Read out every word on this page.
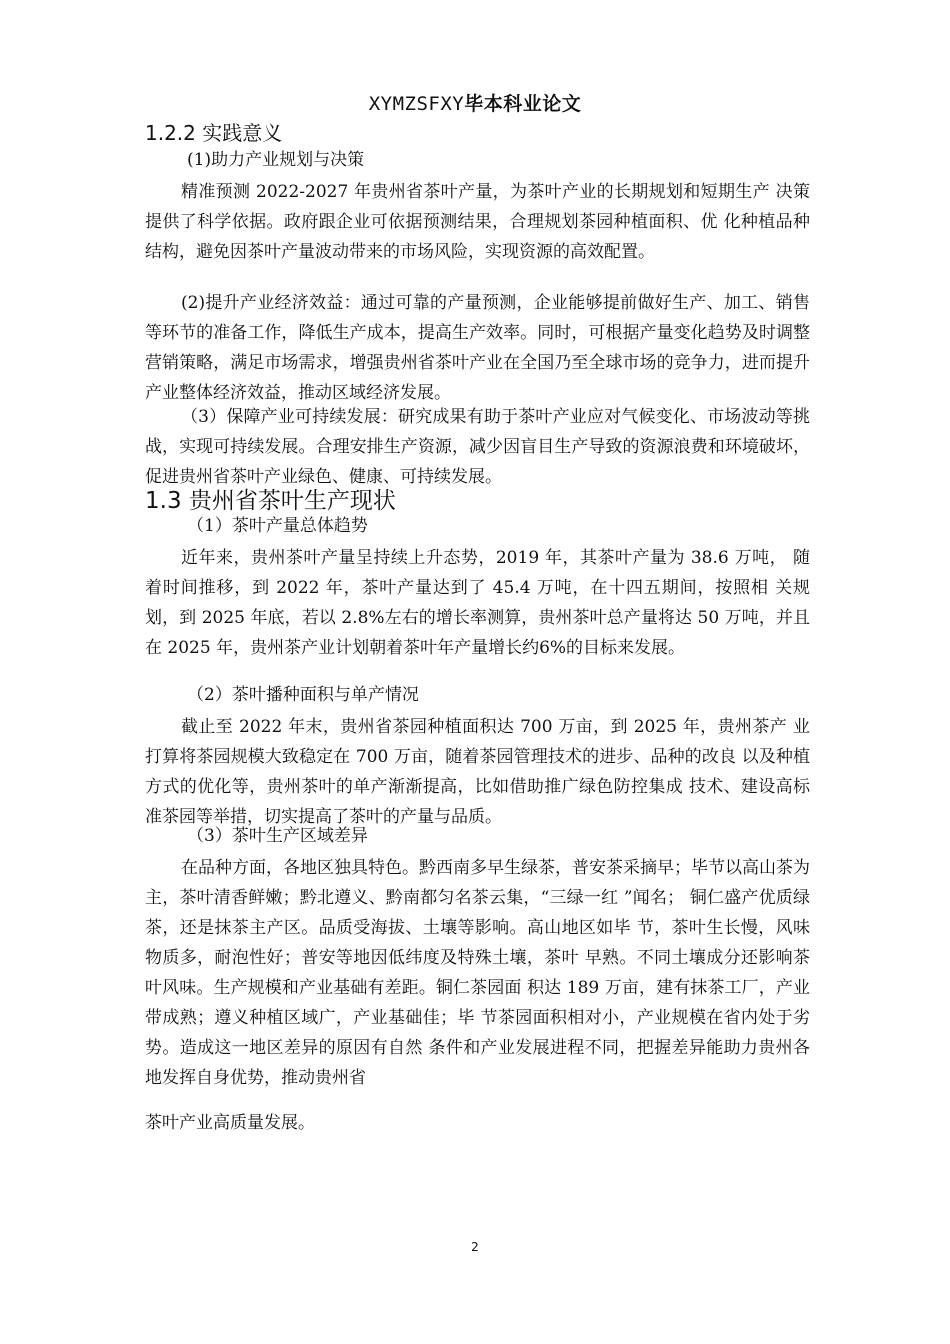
XYMZSFXY毕本科业论文
1.2.2 实践意义
(1)助力产业规划与决策
精准预测 2022-2027 年贵州省茶叶产量，为茶叶产业的长期规划和短期生产 决策提供了科学依据。政府跟企业可依据预测结果，合理规划茶园种植面积、优 化种植品种结构，避免因茶叶产量波动带来的市场风险，实现资源的高效配置。
(2)提升产业经济效益：通过可靠的产量预测，企业能够提前做好生产、加工、销售等环节的准备工作，降低生产成本，提高生产效率。同时，可根据产量变化趋势及时调整营销策略，满足市场需求，增强贵州省茶叶产业在全国乃至全球市场的竞争力，进而提升产业整体经济效益，推动区域经济发展。
（3）保障产业可持续发展：研究成果有助于茶叶产业应对气候变化、市场波动等挑战，实现可持续发展。合理安排生产资源，减少因盲目生产导致的资源浪费和环境破坏，促进贵州省茶叶产业绿色、健康、可持续发展。
1.3 贵州省茶叶生产现状
（1）茶叶产量总体趋势
近年来，贵州茶叶产量呈持续上升态势，2019 年，其茶叶产量为 38.6 万吨， 随着时间推移，到 2022 年，茶叶产量达到了 45.4 万吨，在十四五期间，按照相 关规划，到 2025 年底，若以 2.8%左右的增长率测算，贵州茶叶总产量将达 50 万吨，并且在 2025 年，贵州茶产业计划朝着茶叶年产量增长约6%的目标来发展。
（2）茶叶播种面积与单产情况
截止至 2022 年末，贵州省茶园种植面积达 700 万亩，到 2025 年，贵州茶产 业打算将茶园规模大致稳定在 700 万亩，随着茶园管理技术的进步、品种的改良 以及种植方式的优化等，贵州茶叶的单产渐渐提高，比如借助推广绿色防控集成 技术、建设高标准茶园等举措，切实提高了茶叶的产量与品质。
（3）茶叶生产区域差异
在品种方面，各地区独具特色。黔西南多早生绿茶，普安茶采摘早；毕节以高山茶为主，茶叶清香鲜嫩；黔北遵义、黔南都匀名茶云集，“三绿一红 ”闻名； 铜仁盛产优质绿茶，还是抹茶主产区。品质受海拔、土壤等影响。高山地区如毕 节，茶叶生长慢，风味物质多，耐泡性好；普安等地因低纬度及特殊土壤，茶叶 早熟。不同土壤成分还影响茶叶风味。生产规模和产业基础有差距。铜仁茶园面 积达 189 万亩，建有抹茶工厂，产业带成熟；遵义种植区域广，产业基础佳；毕 节茶园面积相对小，产业规模在省内处于劣势。造成这一地区差异的原因有自然 条件和产业发展进程不同，把握差异能助力贵州各地发挥自身优势，推动贵州省
茶叶产业高质量发展。
2
